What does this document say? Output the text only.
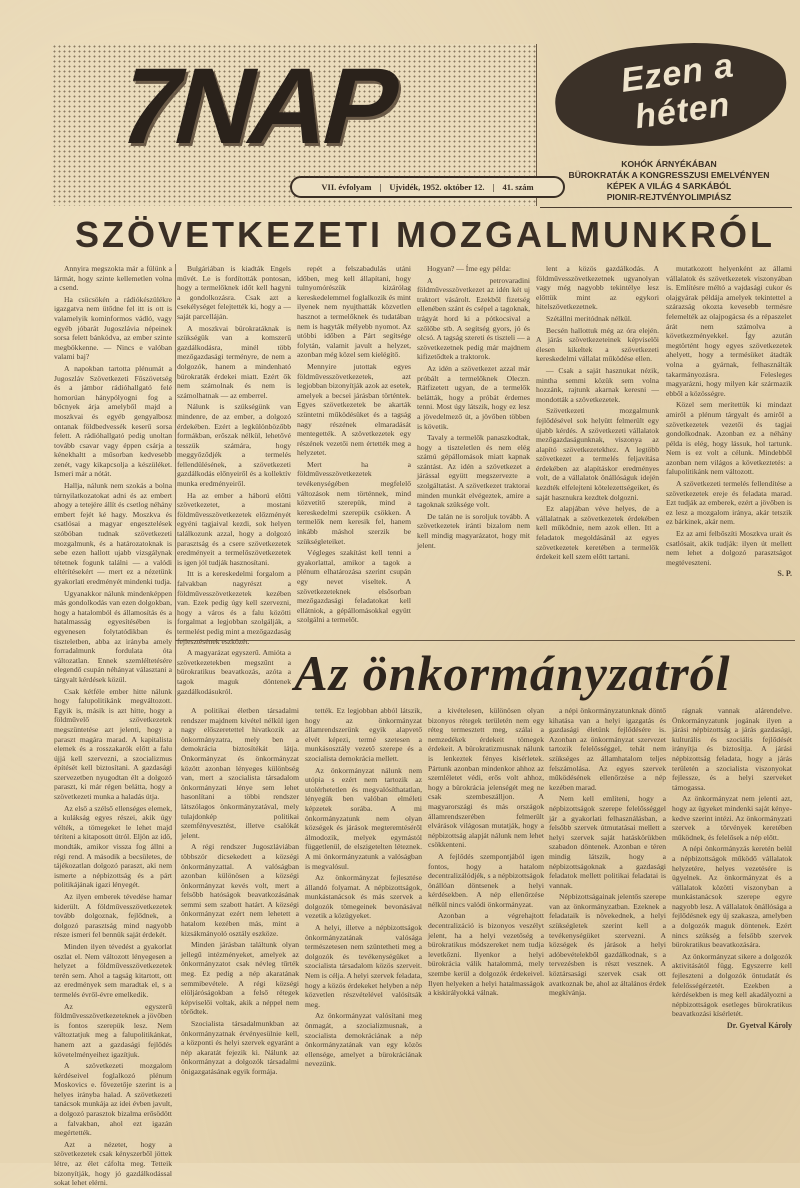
7NAP
VII. évfolyam | Ujvidék, 1952. október 12. | 41. szám
Ezen a héten
KOHÓK ÁRNYÉKÁBAN
BÜROKRATÁK A KONGRESSZUSI EMELVÉNYEN
KÉPEK A VILÁG 4 SARKÁBÓL
PIONIR-REJTVÉNYOLIMPIÁSZ
SZÖVETKEZETI MOZGALMUNKRÓL

Annyira megszokta már a fülünk a lármát, hogy szinte kellemetlen volna a csend.

Ha csücsökén a rádiókészülékre igazgatva nem ütődne fel itt is ott is valamelyik kominformos vádló, vagy egyéb jóbarát Jugoszlávia népeinek sorsa felett bánkódva, az ember szinte megbökkenne. — Nincs e valóban valami baj?

A napokban tartotta plénumát a Jugoszláv Szövetkezeti Főszövetség és a jámbor rádióhallgató felé homorúan hánypólyogni fog a bőcnyek árja amelyből majd a moszkvai és egyéb gengyalbosz ontanak földbedvessék keserű sorsa felett. A rádióhallgató pedig unoltan tovább csavar vagy éppen csárja a kénekhaltt a műsorban kedvesebb zenét, vagy kikapcsolja a készüléket. Ismeri már a nótát.

Hallja, nálunk nem szokás a bolna túrnyilatkozatokat adni és az embert ahogy a tetejére állít és csetlog néhány embert fejét ké hagy. Moszkva és csatlósai a magyar engesztelések szóbóban tudnak szövetkezeti mozgalmunk, és a határozatoknak is sebe ezen hallott ujabb vizsgálynak tétetnek fogunk találni — a valódi eltérítésekért — mert ez a nézetünk gyakorlati eredményét mindenki tudja.

Ugyanakkor nálunk mindenképpen más gondolkodás van ezen dolgokban, hogy a hatalomból és államosítás és a hatalmasság egyesítésében is egyenesen folytatódikban és tiszteletben, abba az irányba amely forradalmunk fordulata óta változatlan. Ennek szemléltetésére elegendő csupán néhányat választani a tárgyalt kérdések közül.

Csak kétféle ember hitte nálunk hogy falupolitikánk megváltozott. Egyik is, másik is azt hitte, hogy a földművelő szövetkezetek megszüntetése azt jelenti, hogy a paraszt magára marad. A kapitalista elemek és a rosszakarók előtt a falu újjá kell szervezni, a szocializmus építését kell biztosítani. A gazdasági szervezetben nyugodtan élt a dolgozó paraszt, ki már régen belátta, hogy a szövetkezeti munka a haladás útja.

Az első a szélső ellenséges elemek, a kulákság egyes részei, akik úgy vélték, a tömegeket le lehet majd téríteni a kitaposott útról. Eljön az idő, mondták, amikor vissza fog állni a régi rend. A második a becsületes, de tájékozatlan dolgozó paraszt, aki nem ismerte a népbizottság és a párt politikájának igazi lényegét.

Az ilyen emberek tévedése hamar kiderült. A földművesszövetkezetek tovább dolgoznak, fejlődnek, a dolgozó parasztság mind nagyobb része ismeri fel bennük saját érdekét.

Minden ilyen tévedést a gyakorlat oszlat el. Nem változott lényegesen a helyzet a földművesszövetkezetek terén sem. Ahol a tagság kitartott, ott az eredmények sem maradtak el, s a termelés évről-évre emelkedik.

Az egyszerű földművesszövetkezeteknek a jövőben is fontos szerepük lesz. Nem változtatjuk meg a falupolitikánkat, hanem azt a gazdasági fejlődés követelményeihez igazítjuk.

A szövetkezeti mozgalom kérdéseivel foglalkozó plénum Moskovics e. fővezetője szerint is a helyes irányba halad. A szövetkezeti tanácsok munkája az idei évben javult, a dolgozó parasztok bizalma erősödött a falvakban, ahol ezt igazán megértették.

Azt a nézetet, hogy a szövetkezetek csak kényszerből jöttek létre, az élet cáfolta meg. Tetteik bizonyítják, hogy jó gazdálkodással sokat lehet elérni.

Bulgáriában is kiadták Engels művét. Le is fordították pontosan, hogy a termelőknek időt kell hagyni a gondolkozásra. Csak azt a csekélységet felejtették ki, hogy a — saját parcelláján.

A moszkvai bürokratáknak is szükségük van a komszerű gazdálkodásra, minél több mezőgazdasági terményre, de nem a dolgozók, hanem a mindenható bürokraták érdekei miatt. Ezért ők nem számolnak és nem is számolhatnak — az emberrel.

Nálunk is szükségünk van mindenre, de az ember, a dolgozó érdekében. Ezért a legkülönbözőbb formákban, erőszak nélkül, lehetővé tesszük számára, hogy meggyőződjék a termelés fellendülésének, a szövetkezeti gazdálkodás előnyeiről és a kollektív munka eredményeiről.

Ha az ember a háború előtti szövetkezetet, a mostani földművesszövetkezetek előzményét egyéni tagjaival kezdi, sok helyen találkozunk azzal, hogy a dolgozó parasztság és a csere szövetkezetek eredményeit a termelőszövetkezetek is igen jól tudják hasznosítani.

Itt is a kereskedelmi forgalom a falvakban nagyrészt a földművesszövetkezetek kezében van. Ezek pedig úgy kell szervezni, hogy a város és a falu közötti forgalmat a legjobban szolgálják, a termelést pedig mint a mezőgazdaság fejlesztésének eszközét.

A magyarázat egyszerű. Amióta a szövetkezetekben megszűnt a bürokratikus beavatkozás, azóta a tagok maguk döntenek gazdálkodásukról.

repét a felszabadulás utáni időben, meg kell állapítani, hogy tulnyomórészük kizárólag kereskedelemmel foglalkozik és mint ilyenek nem nyujthatták közvetlen hasznot a termelőknek és tudatában nem is hagyták mélyebb nyomot. Az utóbbi időben a Párt segítsége folytán, valamit javult a helyzet, azonban még közel sem kielégítő.

Mennyire jutottak egyes földművesszövetkezetek, azt legjobban bizonyítják azok az esetek, amelyek a becsei járásban történtek. Egyes szövetkezetek be akarták szüntetni működésüket és a tagság nagy részének elmaradását mentegették. A szövetkezetek egy részének vezetői nem értették meg a helyzetet.

Mert ha a földművesszövetkezetek tevékenységében megfelelő változások nem történnek, mind közvetítő szerepük, mind a kereskedelmi szerepük csökken. A termelők nem keresik fel, hanem inkább máshol szerzik be szükségleteiket.

Végleges szakítást kell tenni a gyakorlattal, amikor a tagok a plénum elhatározása szerint csupán egy nevet viseltek. A szövetkezeteknek elsősorban mezőgazdasági feladatokat kell ellátniok, a gépállomásokkal együtt szolgálni a termelőt.

Hogyan? — Íme egy példa:

A petrovaradini földművesszövetkezet az idén két uj traktort vásárolt. Ezekből fizetség ellenében szánt és csépel a tagoknak, trágyát hord ki a pótkocsival a szőlőbe stb. A segítség gyors, jó és olcsó. A tagság szereti és tiszteli — a szövetkezetnek pedig már majdnem kifizetődtek a traktorok.

Az idén a szövetkezet azzal már próbált a termelőknek Oleczn. Rátfizetett ugyan, de a termelők belátták, hogy a próbát érdemes tenni. Most úgy látszik, hogy ez lesz a jövedelmező út, a jövőben többen is követik.

Tavaly a termelők panaszkodtak, hogy a tiszteletlen és nem elég számú gépállomások miatt kapnak szántást. Az idén a szövetkezet a járással együtt megszervezte a szolgáltatást. A szövetkezet traktorai minden munkát elvégeztek, amire a tagoknak szüksége volt.

De talán ne is soroljuk tovább. A szövetkezetek iránti bizalom nem kell mindig magyarázatot, hogy mit jelent.

lent a közös gazdálkodás. A földművesszövetkezetnek ugyanolyan vagy még nagyobb tekintélye lesz előttük mint az egykori hitelszövetkezetnek.

Szétállni meritódnak nélkül.

Becsén hallottuk még az óra elején. A járás szövetkezeteinek képviselői élesen kikeltek a szövetkezeti kereskedelmi vállalat működése ellen.

— Csak a saját hasznukat nézik, mintha semmi közük sem volna hozzánk, rajtunk akarnak keresni — mondották a szövetkezetek.

Szövetkezeti mozgalmunk fejlődésével sok helyütt felmerült egy újabb kérdés. A szövetkezeti vállalatok mezőgazdaságunknak, viszonya az alapító szövetkezetekhez. A legtöbb szövetkezet a termelés feljavítása érdekében az alapításkor eredményes volt, de a vállalatok önállóságuk idején kezdték elfelejteni kötelezettségeiket, és saját hasznukra kezdtek dolgozni.

Ez alapjában véve helyes, de a vállalatnak a szövetkezetek érdekében kell működnie, nem azok ellen. Itt a feladatok megoldásánál az egyes szövetkezetek keretében a termelők érdekeit kell szem előtt tartani.

mutatkozott helyenként az állami vállalatok és szövetkezetek viszonyában is. Említésre méltó a vajdasági cukor és olajgyárak példája amelyek tekintettel a szárazság okozta kevesebb termésre felemelték az olajpogácsa és a répaszelet árát nem számolva a következményekkel. Így azután megtörtént hogy egyes szövetkezetek ahelyett, hogy a termésüket átadták volna a gyárnak, felhasználták takarmányozásra. Felesleges magyarázni, hogy milyen kár származik ebből a közösségre.

Közel sem merítettük ki mindazt amiről a plénum tárgyalt és amiről a szövetkezetek vezetői és tagjai gondolkodnak. Azonban ez a néhány példa is elég, hogy lássuk, hol tartunk. Nem is ez volt a célunk. Mindebből azonban nem világos a következtetés: a falupolitikánk nem változott.

A szövetkezeti termelés fellendítése a szövetkezetek ereje és feladata marad. Ezt tudják az emberek, ezért a jövőben is ez lesz a mozgalom iránya, akár tetszik ez bárkinek, akár nem.

Ez az ami felbőszíti Moszkva urait és csatlósait, akik tudják: ilyen út mellett nem lehet a dolgozó parasztságot megtéveszteni.

S. P.

Az önkormányzatról

A politikai életben társadalmi rendszer majdnem kivétel nélkül igen nagy előszeretettel hivatkozik az önkormányzatra, mely ben a demokrácia biztosítékát látja. Önkormányzat és önkormányzat között azonban lényeges különbség van, mert a szocialista társadalom önkormányzati lénye sem lehet hasonlítani a többi rendszer látszólagos önkormányzatával, mely tulajdonkép politikai szemfényvesztést, illetve csalókát jelent.

A régi rendszer Jugoszláviában többször dicsekedett a községi önkormányzattal. A valóságban azonban különösen a községi önkormányzat kevés volt, mert a felsőbb hatóságok beavatkozásának semmi sem szabott határt. A községi önkormányzat ezért nem lehetett a hatalom kezében más, mint a kizsákmányoló osztály eszköze.

Minden járásban találtunk olyan jellegű intézményeket, amelyek az önkormányzatot csak névleg tűrték meg. Ez pedig a nép akaratának semmibevétele. A régi községi elöljáróságokban a felső rétegek képviselői voltak, akik a néppel nem törődtek.

Szocialista társadalmunkban az önkormányzatnak érvényesülnie kell, a központi és helyi szervek egyaránt a nép akaratát fejezik ki. Nálunk az önkormányzat a dolgozók társadalmi önigazgatásának egyik formája.

tették. Ez legjobban abból látszik, hogy az önkormányzat államrendszerünk egyik alapvető elvét képezi, termé szetesen a munkásosztály vezető szerepe és a szocialista demokrácia mellett.

Az önkormányzat nálunk nem utópia s ezért nem tartozik az utolérhetetlen és megvalósíthatatlan, lényegük ben valóban elméleti képzetek sorába. A mi önkormányzatunk nem olyan községek és járások megteremtéséről álmodozik, melyek egymástól függetlenül, de elszigetelten léteznek. A mi önkormányzatunk a valóságban is megvalósul.

Az önkormányzat fejlesztése állandó folyamat. A népbizottságok, munkástanácsok és más szervek a dolgozók tömegeinek bevonásával vezetik a közügyeket.

A helyi, illetve a népbizottságok önkormányzatának valósága természetesen nem szüntetheti meg a dolgozók és tevékenységüket a szocialista társadalom közös szerveit. Nem is célja. A helyi szervek feladata, hogy a közös érdekeket helyben a nép közvetlen részvételével valósítsák meg.

Az önkormányzat valósítani meg önmagát, a szocializmusnak, a szocialista demokráciának a nép önkormányzatának van egy közös ellensége, amelyet a bürokráciának nevezünk.

a kivételesen, különösen olyan bizonyos rétegek területén nem egy réteg termesztett meg, szálai a nemzedékek érdekeit tömegek érdekeit. A bürokratizmusnak nálunk is lenkeztek fényes kísérletek. Pártunk azonban mindenkor ahhoz az szemléletet védi, erős volt ahhoz, hogy a bürokrácia jelenségét meg ne csak szembeszálljon. A magyarországi és más országok államrendszerében felmerült elvárások világosan mutatják, hogy a népbizottság alapját nálunk nem lehet csökkenteni.

A fejlődés szempontjából igen fontos, hogy a hatalom decentralizálódjék, s a népbizottságok önállóan döntsenek a helyi kérdésekben. A nép ellenőrzése nélkül nincs valódi önkormányzat.

Azonban a végrehajtott decentralizáció is bizonyos veszélyt jelent, ha a helyi vezetőség a bürokratikus módszereket nem tudja levetkőzni. Ilyenkor a helyi bürokrácia válik hatalommá, mely szembe kerül a dolgozók érdekeivel. Ilyen helyeken a helyi hatalmasságok a kiskirályokká válnak.

a népi önkormányzatunknak döntő kihatása van a helyi igazgatás és gazdasági életünk fejlődésére is. Azonban az önkormányzat szervezet tartozik felelősséggel, tehát nem szükséges az államhatalom teljes felszámolása. Az egyes szervek működésének ellenőrzése a nép kezében marad.

Nem kell említeni, hogy a népbizottságok szerepe felelősséggel jár a gyakorlati felhasználásban, a felsőbb szervek útmutatásai mellett a helyi szervek saját hatáskörükben szabadon döntenek. Azonban e téren mindig látszik, hogy a népbizottságoknak a gazdasági feladatok mellett politikai feladatai is vannak.

Népbizottságainak jelentős szerepe van az önkormányzatban. Ezeknek a feladataik is növekednek, a helyi szükségletek szerint kell a tevékenységüket szervezni. A községek és járások a helyi adóbevételekből gazdálkodnak, s a tervezésben is részt vesznek. A köztársasági szervek csak ott avatkoznak be, ahol az általános érdek megkívánja.

rágnak vannak alárendelve. Önkormányzatunk jogának ilyen a járási népbizottság a járás gazdasági, kulturális és szociális fejlődését irányítja és biztosítja. A járási népbizottság feladata, hogy a járás területén a szocialista viszonyokat fejlessze, és a helyi szerveket támogassa.

Az önkormányzat nem jelenti azt, hogy az ügyeket mindenki saját kénye-kedve szerint intézi. Az önkormányzati szervek a törvények keretében működnek, és felelősek a nép előtt.

A népi önkormányzás keretén belül a népbizottságok működő vállalatok helyzetére, helyes vezetésére is ügyelnek. Az önkormányzat és a vállalatok közötti viszonyban a munkástanácsok szerepe egyre nagyobb lesz. A vállalatok önállósága a fejlődésnek egy új szakasza, amelyben a dolgozók maguk döntenek. Ezért nincs szükség a felsőbb szervek bürokratikus beavatkozására.

Az önkormányzat sikere a dolgozók aktivitásától függ. Egyszerre kell fejleszteni a dolgozók öntudatát és felelősségérzetét. Ezekben a kérdésekben is meg kell akadályozni a népbizottságok esetleges bürokratikus beavatkozási kísérletét.

Dr. Gyetval Károly
